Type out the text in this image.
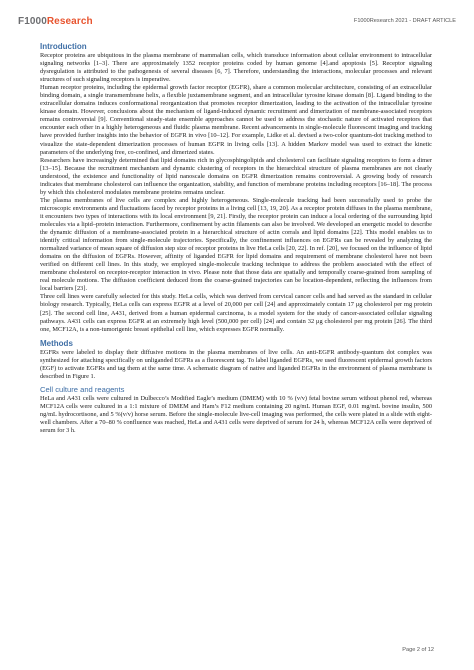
F1000Research	F1000Research 2021 - DRAFT ARTICLE
Introduction

Receptor proteins are ubiquitous in the plasma membrane of mammalian cells, which transduce information about cellular environment to intracellular signaling networks [1–3]. There are approximately 1352 receptor proteins coded by human genome [4].and apoptosis [5]. Receptor signaling dysregulation is attributed to the pathogenesis of several diseases [6, 7]. Therefore, understanding the interactions, molecular processes and relevant structures of such signaling receptors is imperative.

Human receptor proteins, including the epidermal growth factor receptor (EGFR), share a common molecular architecture, consisting of an extracellular binding domain, a single transmembrane helix, a flexible juxtamembrane segment, and an intracellular tyrosine kinase domain [8]. Ligand binding to the extracellular domains induces conformational reorganization that promotes receptor dimerization, leading to the activation of the intracellular tyrosine kinase domain. However, conclusions about the mechanism of ligand-induced dynamic recruitment and dimerization of membrane-associated receptors remains controversial [9]. Conventional steady-state ensemble approaches cannot be used to address the stochastic nature of activated receptors that encounter each other in a highly heterogeneous and fluidic plasma membrane. Recent advancements in single-molecule fluorescent imaging and tracking have provided further insights into the behavior of EGFR in vivo [10–12]. For example, Lidke et al. devised a two-color quantum-dot tracking method to visualize the state-dependent dimerization processes of human EGFR in living cells [13]. A hidden Markov model was used to extract the kinetic parameters of the underlying free, co-confined, and dimerized states.

Researchers have increasingly determined that lipid domains rich in glycosphingolipids and cholesterol can facilitate signaling receptors to form a dimer [13–15]. Because the recruitment mechanism and dynamic clustering of receptors in the hierarchical structure of plasma membranes are not clearly understood, the existence and functionality of lipid nanoscale domains on EGFR dimerization remains controversial. A growing body of research indicates that membrane cholesterol can influence the organization, stability, and function of membrane proteins including receptors [16–18]. The process by which this cholesterol modulates membrane proteins remains unclear.

The plasma membranes of live cells are complex and highly heterogeneous. Single-molecule tracking had been successfully used to probe the microscopic environments and fluctuations faced by receptor proteins in a living cell [13, 19, 20]. As a receptor protein diffuses in the plasma membrane, it encounters two types of interactions with its local environment [9, 21]. Firstly, the receptor protein can induce a local ordering of the surrounding lipid molecules via a lipid–protein interaction. Furthermore, confinement by actin filaments can also be involved. We developed an energetic model to describe the dynamic diffusion of a membrane-associated protein in a hierarchical structure of actin corrals and lipid domains [22]. This model enables us to identify critical information from single-molecule trajectories. Specifically, the confinement influences on EGFRs can be revealed by analyzing the normalized variance of mean square of diffusion step size of receptor proteins in live HeLa cells [20, 22]. In ref. [20], we focused on the influence of lipid domains on the diffusion of EGFRs. However, affinity of liganded EGFR for lipid domains and requirement of membrane cholesterol have not been verified on different cell lines. In this study, we employed single-molecule tracking technique to address the problem associated with the effect of membrane cholesterol on receptor-receptor interaction in vivo. Please note that those data are spatially and temporally coarse-grained from sampling of real molecule motions. The diffusion coefficient deduced from the coarse-grained trajectories can be location-dependent, reflecting the influences from local barriers [23].

Three cell lines were carefully selected for this study. HeLa cells, which was derived from cervical cancer cells and had served as the standard in cellular biology research. Typically, HeLa cells can express EGFR at a level of 20,000 per cell [24] and approximately contain 17 μg cholesterol per mg protein [25]. The second cell line, A431, derived from a human epidermal carcinoma, is a model system for the study of cancer-associated cellular signaling pathways. A431 cells can express EGFR at an extremely high level (500,000 per cell) [24] and contain 32 μg cholesterol per mg protein [26]. The third one, MCF12A, is a non-tumorigenic breast epithelial cell line, which expresses EGFR normally.

Methods

EGFRs were labeled to display their diffusive motions in the plasma membranes of live cells. An anti-EGFR antibody-quantum dot complex was synthesized for attaching specifically on unliganded EGFRs as a fluorescent tag. To label liganded EGFRs, we used fluorescent epidermal growth factors (EGF) to activate EGFRs and tag them at the same time. A schematic diagram of native and liganded EGFRs in the environment of plasma membrane is described in Figure 1.

Cell culture and reagents

HeLa and A431 cells were cultured in Dulbecco’s Modified Eagle’s medium (DMEM) with 10 % (v/v) fetal bovine serum without phenol red, whereas MCF12A cells were cultured in a 1:1 mixture of DMEM and Ham’s F12 medium containing 20 ng/mL Human EGF, 0.01 mg/mL bovine insulin, 500 ng/mL hydrocortisone, and 5 %(v/v) horse serum. Before the single-molecule live-cell imaging was performed, the cells were plated in a slide with eight-well chambers. After a 70–80 % confluence was reached, HeLa and A431 cells were deprived of serum for 24 h, whereas MCF12A cells were deprived of serum for 3 h.

Page 2 of 12
